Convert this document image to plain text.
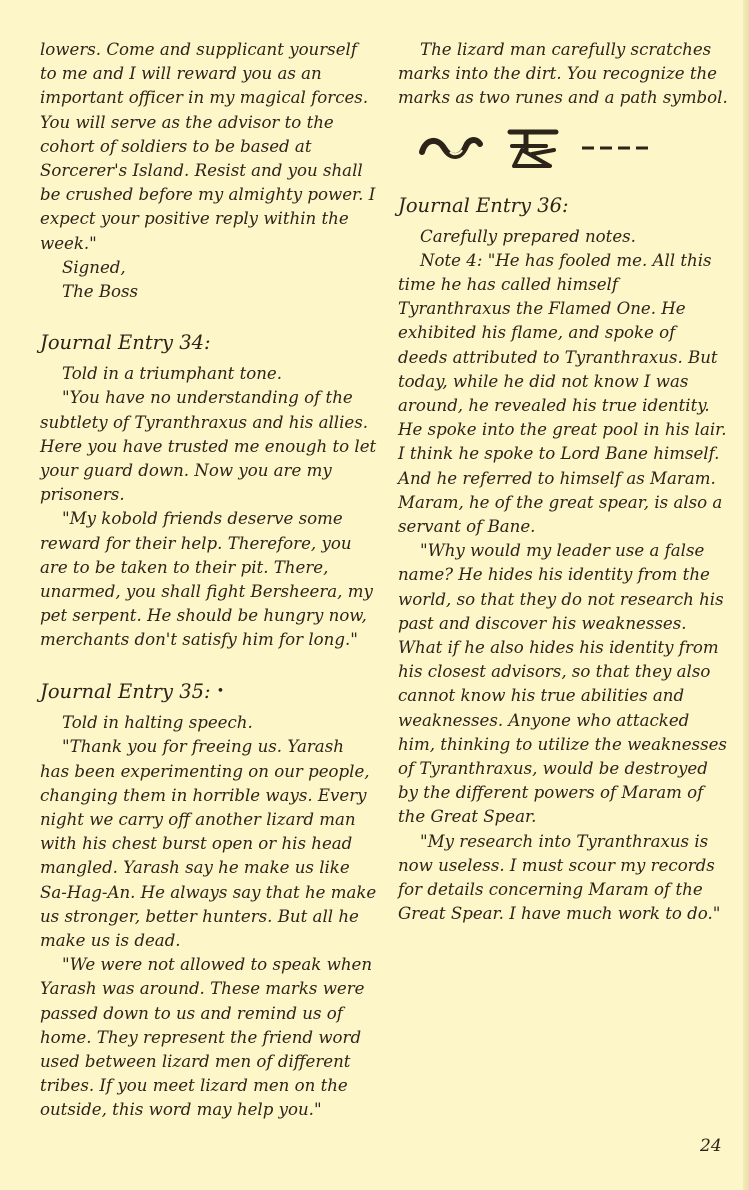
lowers. Come and supplicant yourself to me and I will reward you as an important officer in my magical forces. You will serve as the advisor to the cohort of soldiers to be based at Sorcerer's Island. Resist and you shall be crushed before my almighty power. I expect your positive reply within the week."

Signed,

The Boss

Journal Entry 34:

Told in a triumphant tone.

"You have no understanding of the subtlety of Tyranthraxus and his allies. Here you have trusted me enough to let your guard down. Now you are my prisoners.

"My kobold friends deserve some reward for their help. Therefore, you are to be taken to their pit. There, unarmed, you shall fight Bersheera, my pet serpent. He should be hungry now, merchants don't satisfy him for long."

Journal Entry 35: •

Told in halting speech.

"Thank you for freeing us. Yarash has been experimenting on our people, changing them in horrible ways. Every night we carry off another lizard man with his chest burst open or his head mangled. Yarash say he make us like Sa-Hag-An. He always say that he make us stronger, better hunters. But all he make us is dead.

"We were not allowed to speak when Yarash was around. These marks were passed down to us and remind us of home. They represent the friend word used between lizard men of different tribes. If you meet lizard men on the outside, this word may help you."

The lizard man carefully scratches marks into the dirt. You recognize the marks as two runes and a path symbol.

Journal Entry 36:

Carefully prepared notes.

Note 4: "He has fooled me. All this time he has called himself Tyranthraxus the Flamed One. He exhibited his flame, and spoke of deeds attributed to Tyranthraxus. But today, while he did not know I was around, he revealed his true identity. He spoke into the great pool in his lair. I think he spoke to Lord Bane himself. And he referred to himself as Maram. Maram, he of the great spear, is also a servant of Bane.

"Why would my leader use a false name? He hides his identity from the world, so that they do not research his past and discover his weaknesses. What if he also hides his identity from his closest advisors, so that they also cannot know his true abilities and weaknesses. Anyone who attacked him, thinking to utilize the weaknesses of Tyranthraxus, would be destroyed by the different powers of Maram of the Great Spear.

"My research into Tyranthraxus is now useless. I must scour my records for details concerning Maram of the Great Spear. I have much work to do."

24
